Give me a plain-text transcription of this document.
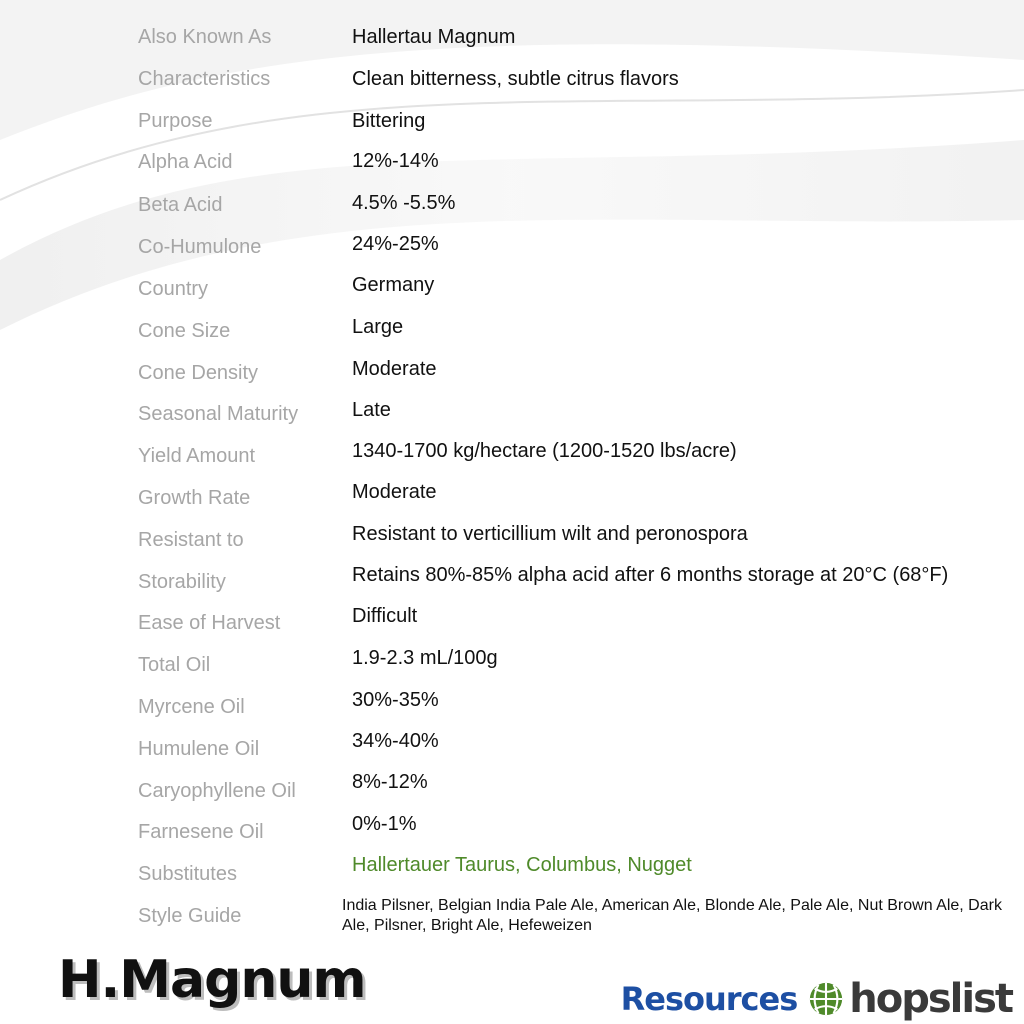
Also Known As	Hallertau Magnum
Characteristics	Clean bitterness, subtle citrus flavors
Purpose	Bittering
Alpha Acid	12%-14%
Beta Acid	4.5% -5.5%
Co-Humulone	24%-25%
Country	Germany
Cone Size	Large
Cone Density	Moderate
Seasonal Maturity	Late
Yield Amount	1340-1700 kg/hectare (1200-1520 lbs/acre)
Growth Rate	Moderate
Resistant to	Resistant to verticillium wilt and peronospora
Storability	Retains 80%-85% alpha acid after 6 months storage at 20°C (68°F)
Ease of Harvest	Difficult
Total Oil	1.9-2.3 mL/100g
Myrcene Oil	30%-35%
Humulene Oil	34%-40%
Caryophyllene Oil	8%-12%
Farnesene Oil	0%-1%
Substitutes	Hallertauer Taurus, Columbus, Nugget
Style Guide	India Pilsner, Belgian India Pale Ale, American Ale, Blonde Ale, Pale Ale, Nut Brown Ale, Dark Ale, Pilsner, Bright Ale, Hefeweizen
H.Magnum	Resources hopslist
